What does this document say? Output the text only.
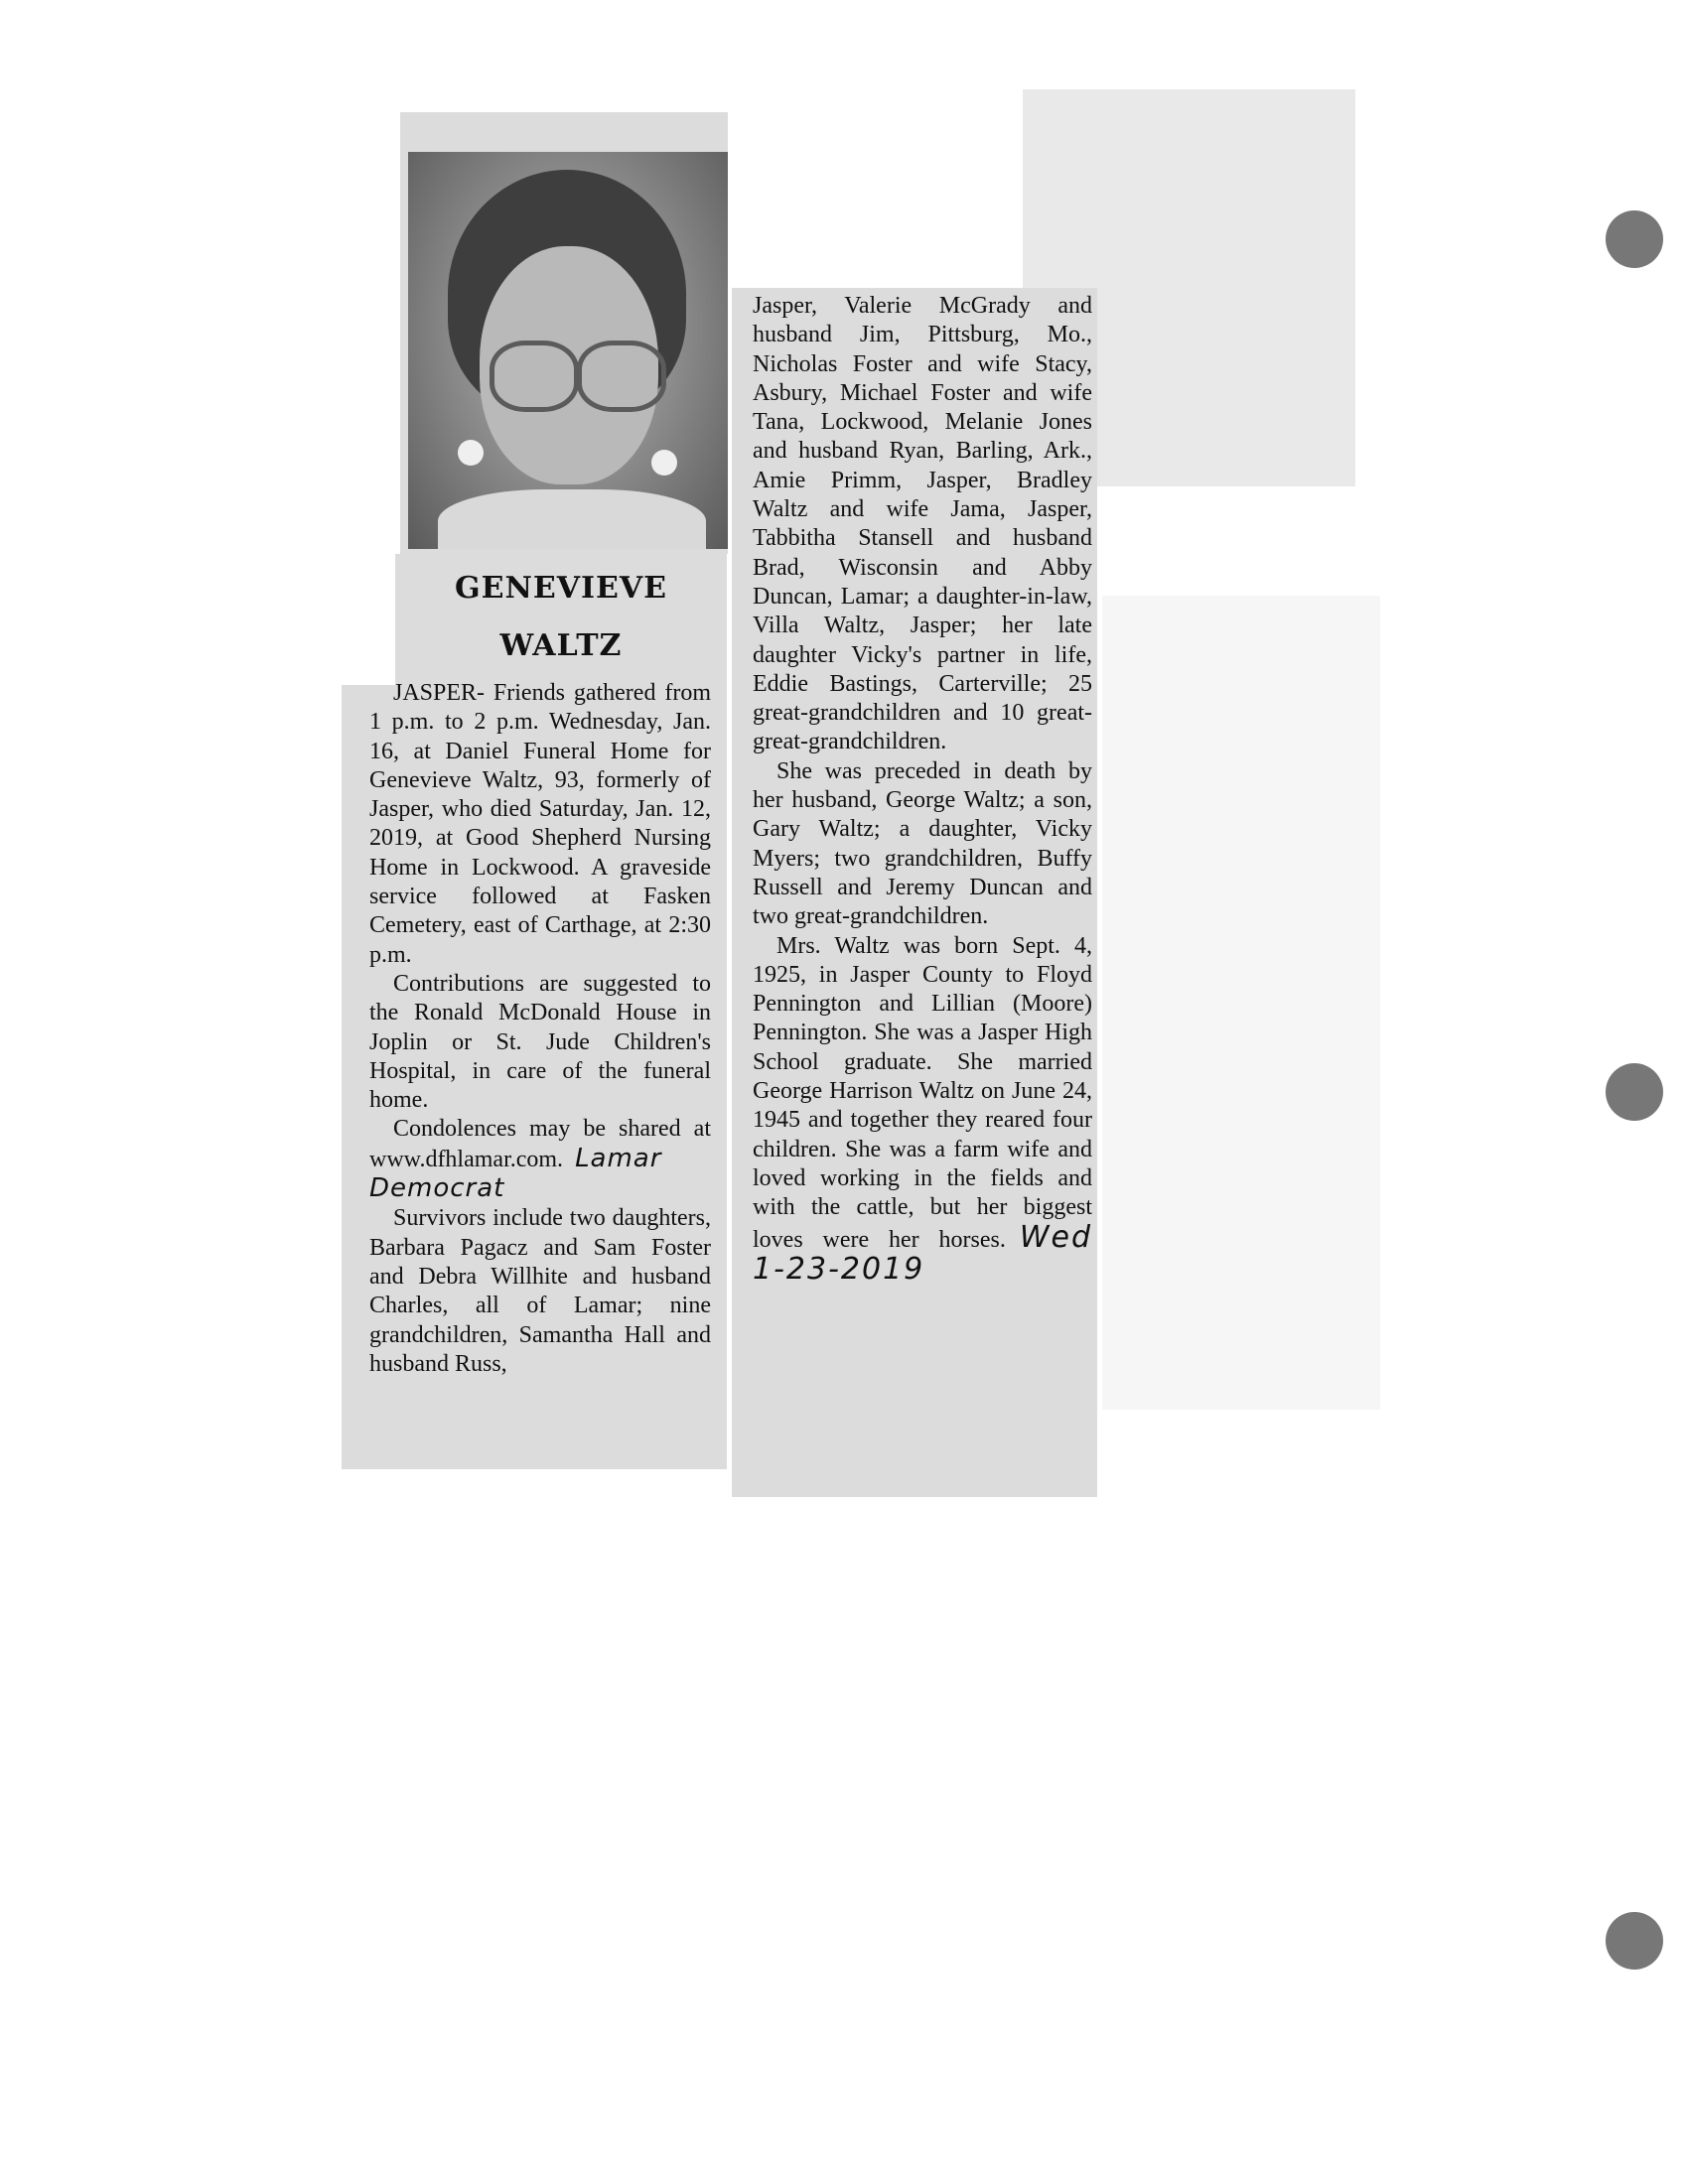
GENEVIEVE
WALTZ

JASPER- Friends gathered from 1 p.m. to 2 p.m. Wednesday, Jan. 16, at Daniel Funeral Home for Genevieve Waltz, 93, formerly of Jasper, who died Saturday, Jan. 12, 2019, at Good Shepherd Nursing Home in Lockwood. A graveside service followed at Fasken Cemetery, east of Carthage, at 2:30 p.m.

Contributions are suggested to the Ronald McDonald House in Joplin or St. Jude Children's Hospital, in care of the funeral home.

Condolences may be shared at www.dfhlamar.com. Lamar Democrat

Survivors include two daughters, Barbara Pagacz and Sam Foster and Debra Willhite and husband Charles, all of Lamar; nine grandchildren, Samantha Hall and husband Russ,

Jasper, Valerie McGrady and husband Jim, Pittsburg, Mo., Nicholas Foster and wife Stacy, Asbury, Michael Foster and wife Tana, Lockwood, Melanie Jones and husband Ryan, Barling, Ark., Amie Primm, Jasper, Bradley Waltz and wife Jama, Jasper, Tabbitha Stansell and husband Brad, Wisconsin and Abby Duncan, Lamar; a daughter-in-law, Villa Waltz, Jasper; her late daughter Vicky's partner in life, Eddie Bastings, Carterville; 25 great-grandchildren and 10 great-great-grandchildren.

She was preceded in death by her husband, George Waltz; a son, Gary Waltz; a daughter, Vicky Myers; two grandchildren, Buffy Russell and Jeremy Duncan and two great-grandchildren.

Mrs. Waltz was born Sept. 4, 1925, in Jasper County to Floyd Pennington and Lillian (Moore) Pennington. She was a Jasper High School graduate. She married George Harrison Waltz on June 24, 1945 and together they reared four children. She was a farm wife and loved working in the fields and with the cattle, but her biggest loves were her horses. Wed 1-23-2019
